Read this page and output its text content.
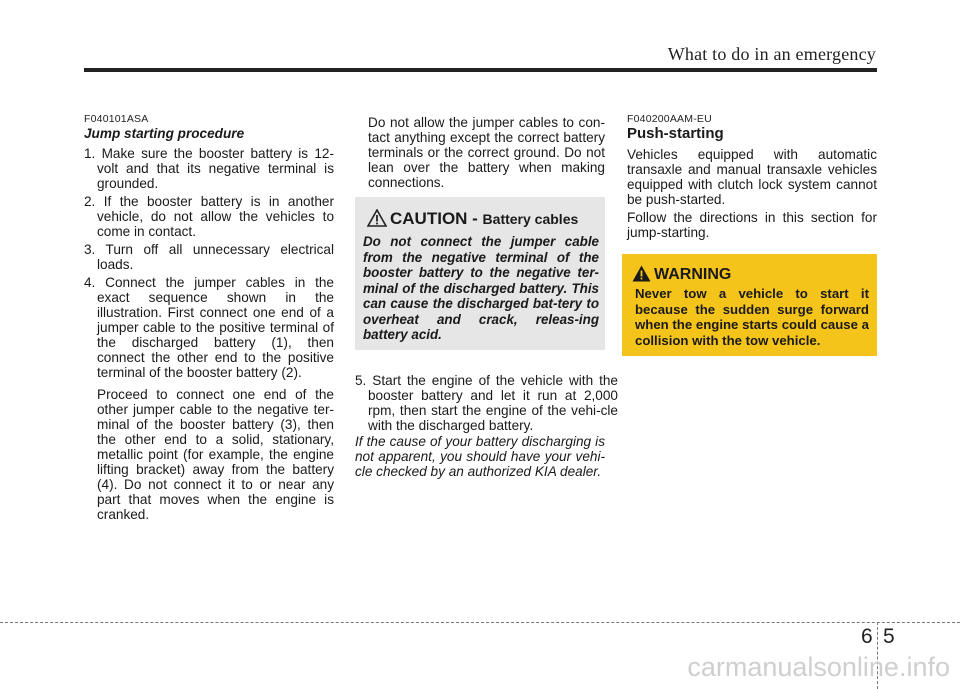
What to do in an emergency
F040101ASA
Jump starting procedure
1. Make sure the booster battery is 12-volt and that its negative terminal is grounded.
2. If the booster battery is in another vehicle, do not allow the vehicles to come in contact.
3. Turn off all unnecessary electrical loads.
4. Connect the jumper cables in the exact sequence shown in the illustration. First connect one end of a jumper cable to the positive terminal of the discharged battery (1), then connect the other end to the positive terminal of the booster battery (2).
Proceed to connect one end of the other jumper cable to the negative ter-minal of the booster battery (3), then the other end to a solid, stationary, metallic point (for example, the engine lifting bracket) away from the battery (4). Do not connect it to or near any part that moves when the engine is cranked.
Do not allow the jumper cables to con-tact anything except the correct battery terminals or the correct ground. Do not lean over the battery when making connections.
5. Start the engine of the vehicle with the booster battery and let it run at 2,000 rpm, then start the engine of the vehi-cle with the discharged battery.
If the cause of your battery discharging is not apparent, you should have your vehi-cle checked by an authorized KIA dealer.
CAUTION - Battery cables
Do not connect the jumper cable from the negative terminal of the booster battery to the negative ter-minal of the discharged battery. This can cause the discharged bat-tery to overheat and crack, releas-ing battery acid.
F040200AAM-EU
Push-starting
Vehicles equipped with automatic transaxle and manual transaxle vehicles equipped with clutch lock system cannot be push-started.
Follow the directions in this section for jump-starting.
WARNING
Never tow a vehicle to start it because the sudden surge forward when the engine starts could cause a collision with the tow vehicle.
6 5
carmanualsonline.info
